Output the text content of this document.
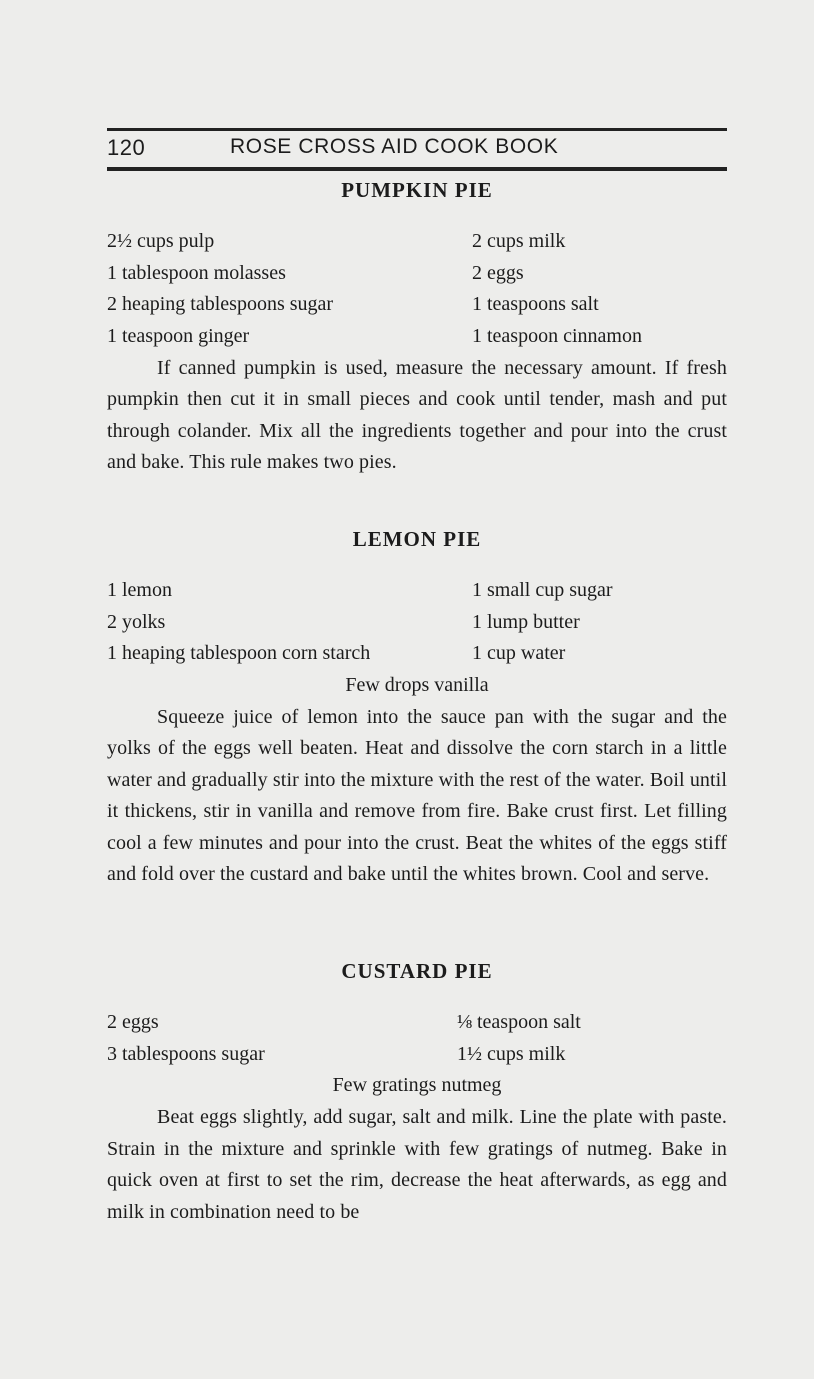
120	ROSE CROSS AID COOK BOOK
PUMPKIN PIE
2½ cups pulp	2 cups milk
1 tablespoon molasses	2 eggs
2 heaping tablespoons sugar	1 teaspoons salt
1 teaspoon ginger	1 teaspoon cinnamon

If canned pumpkin is used, measure the necessary amount. If fresh pumpkin then cut it in small pieces and cook until tender, mash and put through colander. Mix all the ingredients together and pour into the crust and bake. This rule makes two pies.

LEMON PIE
1 lemon	1 small cup sugar
2 yolks	1 lump butter
1 heaping tablespoon corn starch	1 cup water
Few drops vanilla

Squeeze juice of lemon into the sauce pan with the sugar and the yolks of the eggs well beaten. Heat and dissolve the corn starch in a little water and gradually stir into the mixture with the rest of the water. Boil until it thickens, stir in vanilla and remove from fire. Bake crust first. Let filling cool a few minutes and pour into the crust. Beat the whites of the eggs stiff and fold over the custard and bake until the whites brown. Cool and serve.

CUSTARD PIE
2 eggs	⅛ teaspoon salt
3 tablespoons sugar	1½ cups milk
Few gratings nutmeg

Beat eggs slightly, add sugar, salt and milk. Line the plate with paste. Strain in the mixture and sprinkle with few gratings of nutmeg. Bake in quick oven at first to set the rim, decrease the heat afterwards, as egg and milk in combination need to be
